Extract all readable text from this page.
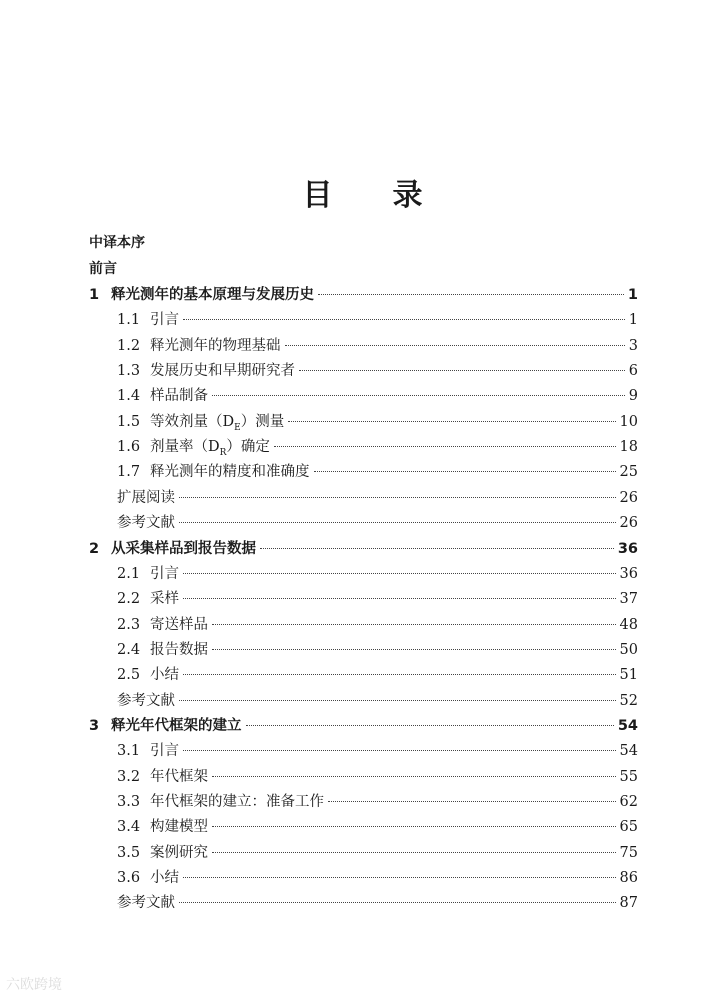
目 录
中译本序
前言
1 释光测年的基本原理与发展历史	1
1.1 引言	1
1.2 释光测年的物理基础	3
1.3 发展历史和早期研究者	6
1.4 样品制备	9
1.5 等效剂量$(D_E)$测量	10
1.6 剂量率$(D_R)$确定	18
1.7 释光测年的精度和准确度	25
扩展阅读	26
参考文献	26
2 从采集样品到报告数据	36
2.1 引言	36
2.2 采样	37
2.3 寄送样品	48
2.4 报告数据	50
2.5 小结	51
参考文献	52
3 释光年代框架的建立	54
3.1 引言	54
3.2 年代框架	55
3.3 年代框架的建立：准备工作	62
3.4 构建模型	65
3.5 案例研究	75
3.6 小结	86
参考文献	87
六欧跨境
